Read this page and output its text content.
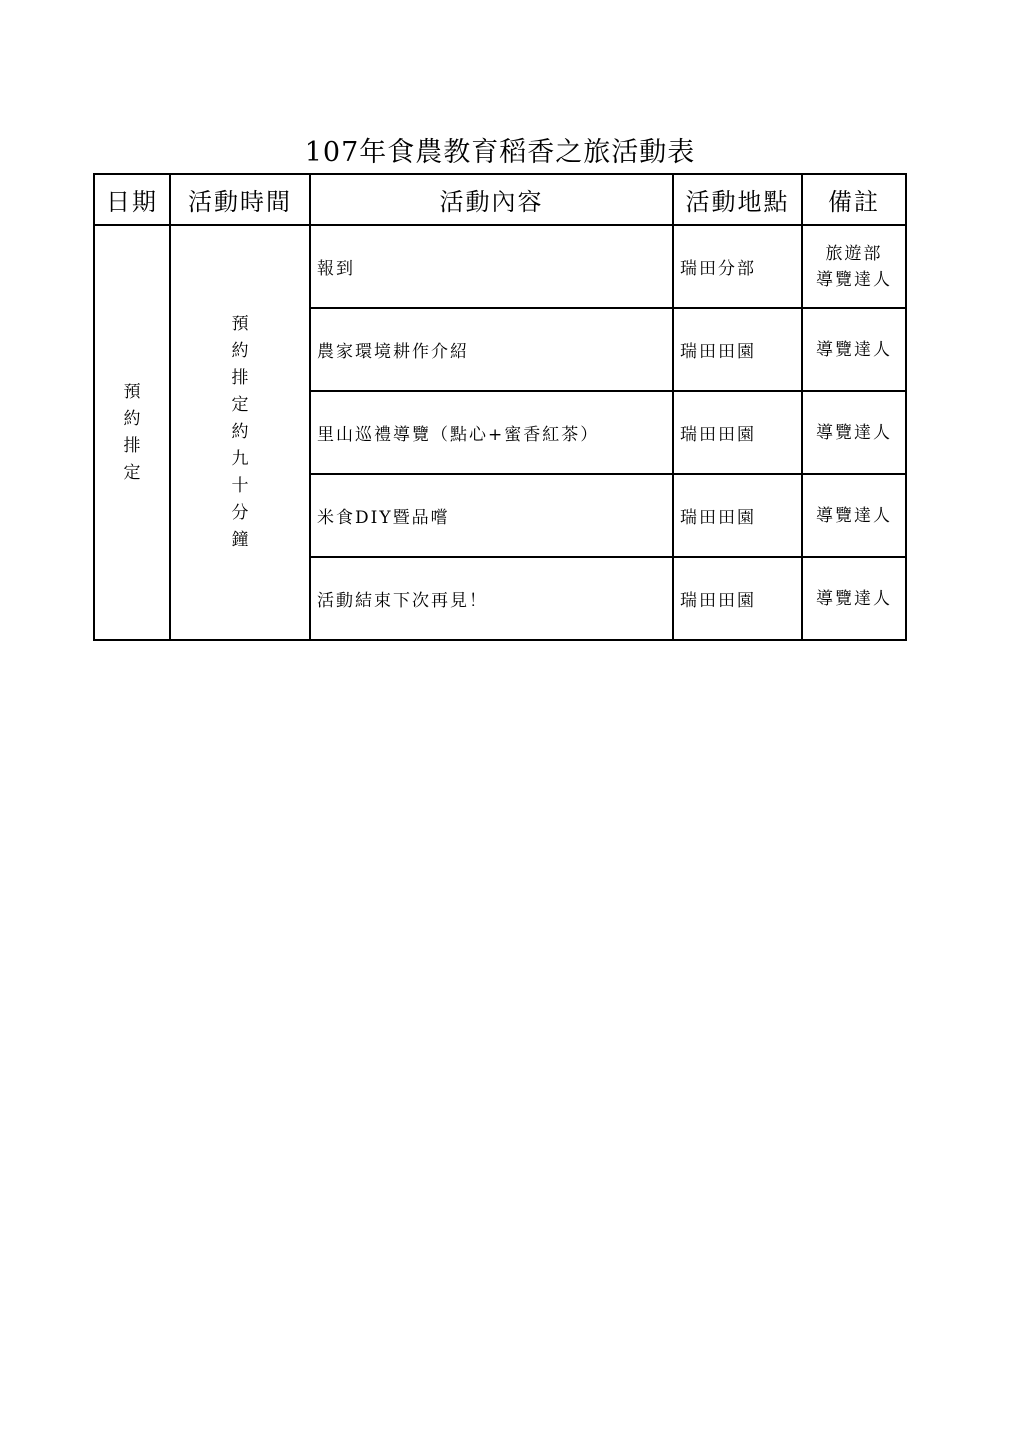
107年食農教育稻香之旅活動表
日期	活動時間	活動內容	活動地點	備註
預約排定	預約排定約九十分鐘	報到	瑞田分部	旅遊部
導覽達人

		農家環境耕作介紹	瑞田田園	導覽達人

		里山巡禮導覽（點心+蜜香紅茶）	瑞田田園	導覽達人

		米食DIY暨品嚐	瑞田田園	導覽達人

		活動結束下次再見！	瑞田田園	導覽達人
